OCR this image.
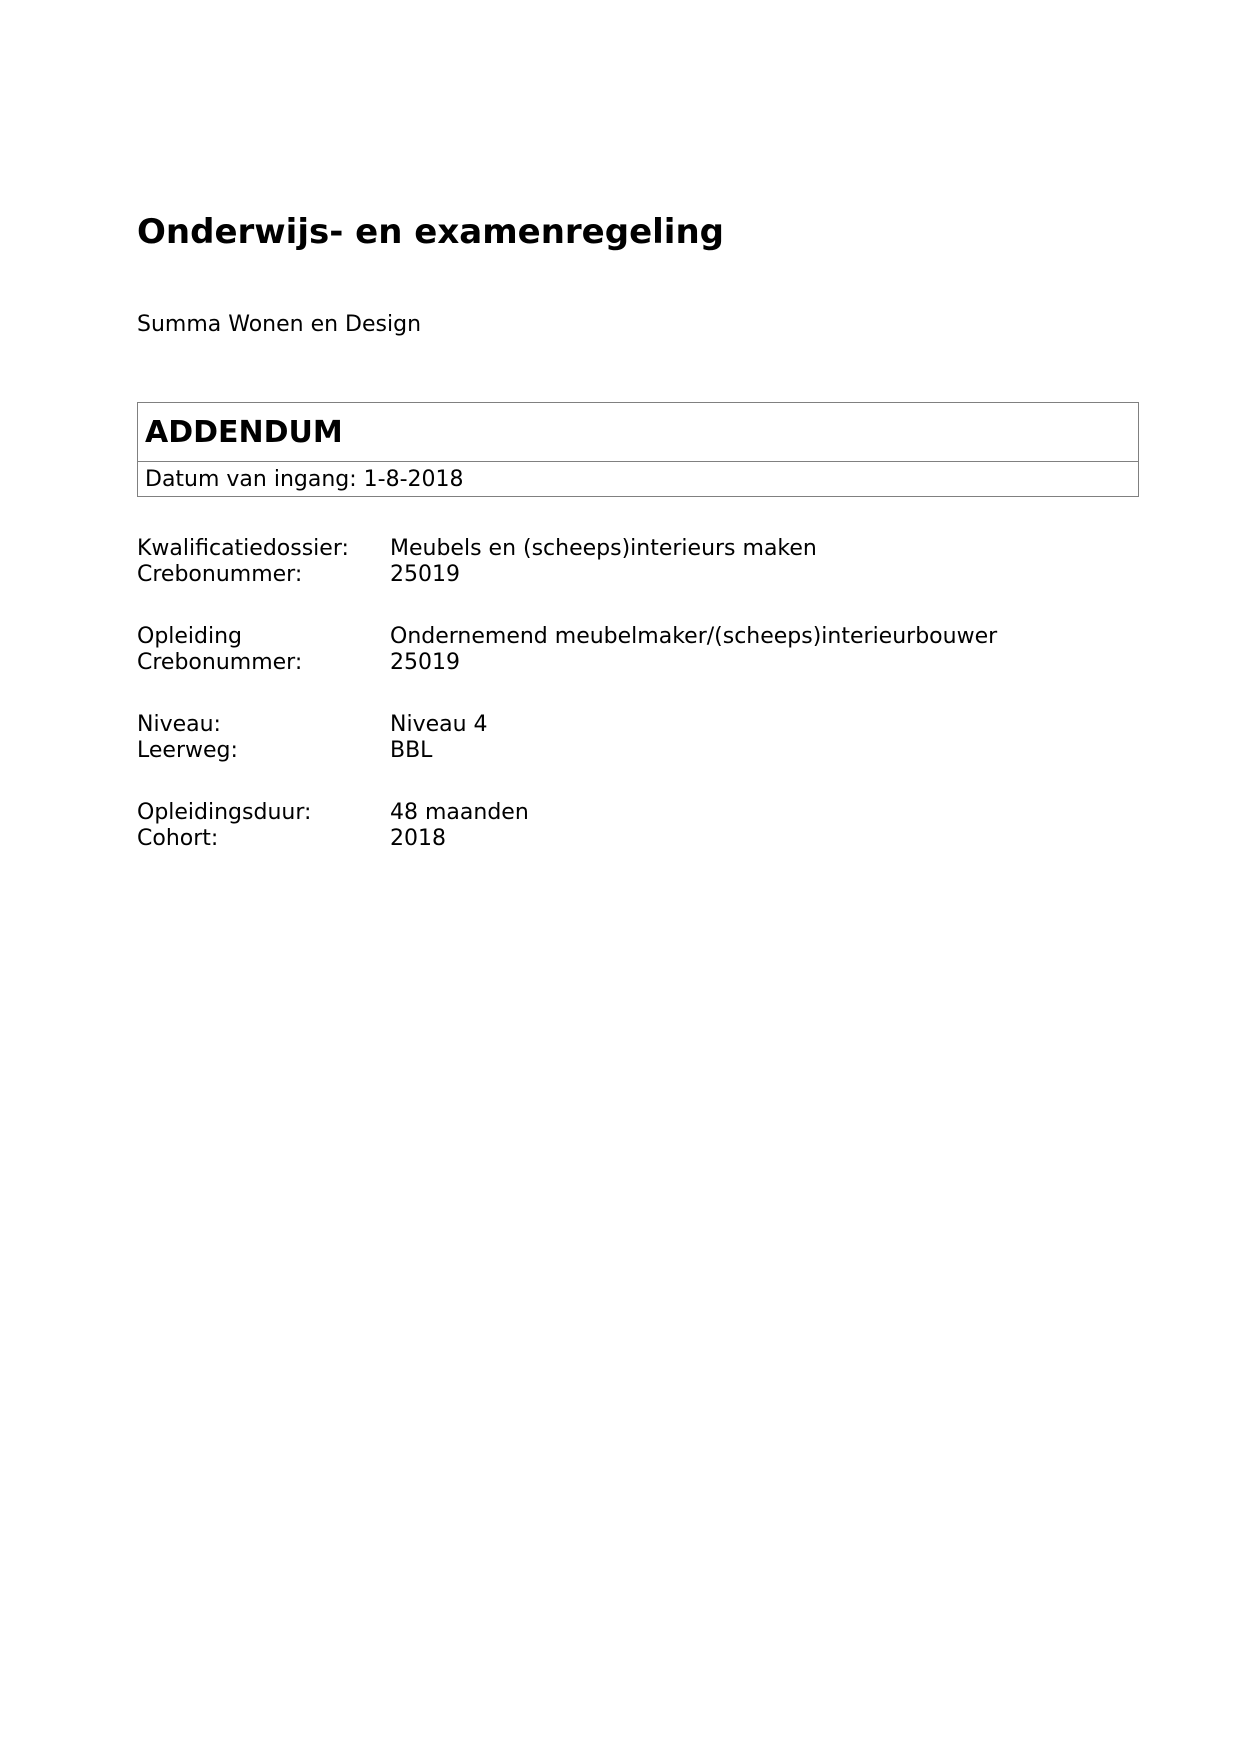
Onderwijs- en examenregeling
Summa Wonen en Design
ADDENDUM
Datum van ingang: 1-8-2018
Kwalificatiedossier:	Meubels en (scheeps)interieurs maken
Crebonummer:	25019
Opleiding	Ondernemend meubelmaker/(scheeps)interieurbouwer
Crebonummer:	25019
Niveau:	Niveau 4
Leerweg:	BBL
Opleidingsduur:	48 maanden
Cohort:	2018
